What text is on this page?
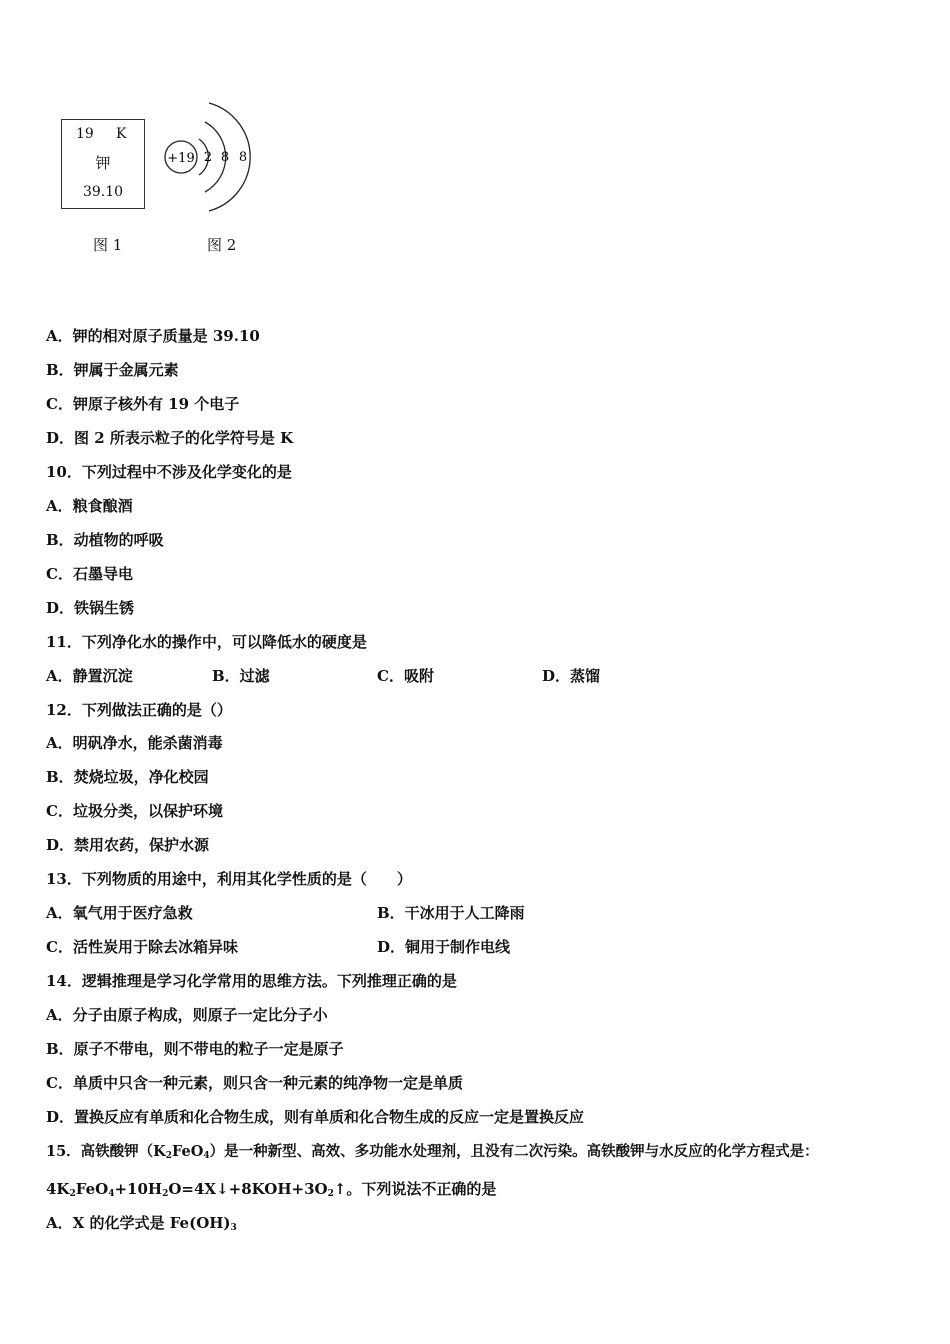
19 K
钾
39.10
+19 2 8 8
图 1	图 2
A．钾的相对原子质量是 39.10
B．钾属于金属元素
C．钾原子核外有 19 个电子
D．图 2 所表示粒子的化学符号是 K
10．下列过程中不涉及化学变化的是
A．粮食酿酒
B．动植物的呼吸
C．石墨导电
D．铁锅生锈
11．下列净化水的操作中，可以降低水的硬度是
A．静置沉淀	B．过滤	C．吸附	D．蒸馏
12．下列做法正确的是（）
A．明矾净水，能杀菌消毒
B．焚烧垃圾，净化校园
C．垃圾分类，以保护环境
D．禁用农药，保护水源
13．下列物质的用途中，利用其化学性质的是（　　）
A．氧气用于医疗急救	B．干冰用于人工降雨
C．活性炭用于除去冰箱异味	D．铜用于制作电线
14．逻辑推理是学习化学常用的思维方法。下列推理正确的是
A．分子由原子构成，则原子一定比分子小
B．原子不带电，则不带电的粒子一定是原子
C．单质中只含一种元素，则只含一种元素的纯净物一定是单质
D．置换反应有单质和化合物生成，则有单质和化合物生成的反应一定是置换反应
15．高铁酸钾$(K_2FeO_4)$是一种新型、高效、多功能水处理剂，且没有二次污染。高铁酸钾与水反应的化学方程式是：
$4K_2FeO_4+10H_2O=4X↓+8KOH+3O_2↑$。下列说法不正确的是
A．X 的化学式是 $Fe(OH)_3$
